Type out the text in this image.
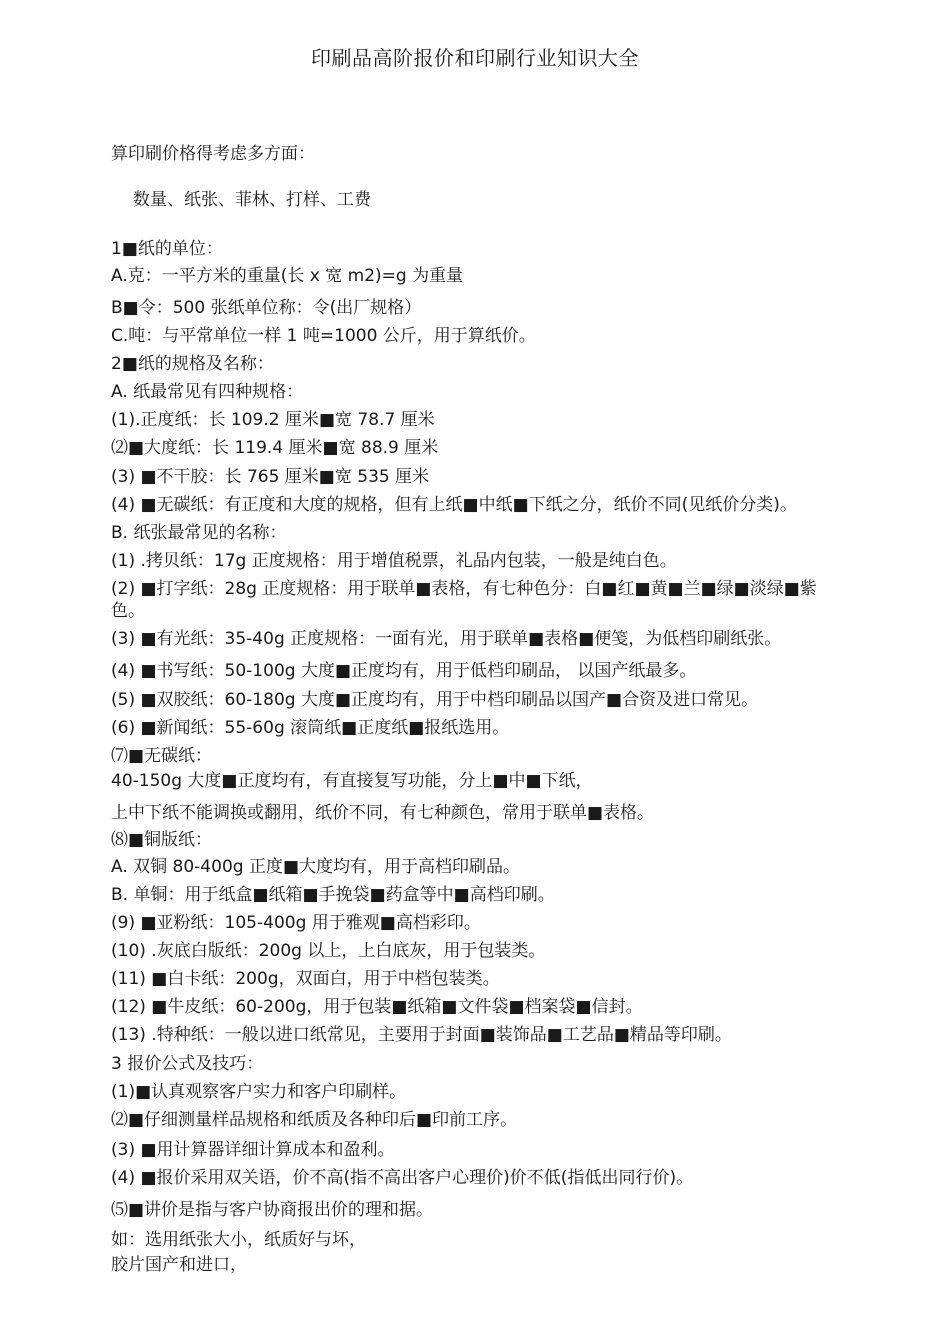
印刷品高阶报价和印刷行业知识大全
算印刷价格得考虑多方面：
数量、纸张、菲林、打样、工费
1■纸的单位：
A.克：一平方米的重量(长 x 宽 m2)=g 为重量
B■令：500 张纸单位称：令(出厂规格）
C.吨：与平常单位一样 1 吨=1000 公斤，用于算纸价。
2■纸的规格及名称：
A. 纸最常见有四种规格：
(1).正度纸：长 109.2 厘米■宽 78.7 厘米
⑵■大度纸：长 119.4 厘米■宽 88.9 厘米
(3) ■不干胶：长 765 厘米■宽 535 厘米
(4) ■无碳纸：有正度和大度的规格，但有上纸■中纸■下纸之分，纸价不同(见纸价分类)。
B. 纸张最常见的名称：
(1) .拷贝纸：17g 正度规格：用于增值税票，礼品内包装，一般是纯白色。
(2) ■打字纸：28g 正度规格：用于联单■表格，有七种色分：白■红■黄■兰■绿■淡绿■紫色。
(3) ■有光纸：35-40g 正度规格：一面有光，用于联单■表格■便笺，为低档印刷纸张。
(4) ■书写纸：50-100g 大度■正度均有，用于低档印刷品， 以国产纸最多。
(5) ■双胶纸：60-180g 大度■正度均有，用于中档印刷品以国产■合资及进口常见。
(6) ■新闻纸：55-60g 滚筒纸■正度纸■报纸选用。
⑺■无碳纸：
40-150g 大度■正度均有，有直接复写功能，分上■中■下纸，
上中下纸不能调换或翻用，纸价不同，有七种颜色，常用于联单■表格。
⑻■铜版纸：
A. 双铜 80-400g 正度■大度均有，用于高档印刷品。
B. 单铜：用于纸盒■纸箱■手挽袋■药盒等中■高档印刷。
(9) ■亚粉纸：105-400g 用于雅观■高档彩印。
(10) .灰底白版纸：200g 以上，上白底灰，用于包装类。
(11) ■白卡纸：200g，双面白，用于中档包装类。
(12) ■牛皮纸：60-200g，用于包装■纸箱■文件袋■档案袋■信封。
(13) .特种纸：一般以进口纸常见，主要用于封面■装饰品■工艺品■精品等印刷。
3 报价公式及技巧：
(1)■认真观察客户实力和客户印刷样。
⑵■仔细测量样品规格和纸质及各种印后■印前工序。
(3) ■用计算器详细计算成本和盈利。
(4) ■报价采用双关语，价不高(指不高出客户心理价)价不低(指低出同行价)。
⑸■讲价是指与客户协商报出价的理和据。
如：选用纸张大小，纸质好与坏，
胶片国产和进口，
